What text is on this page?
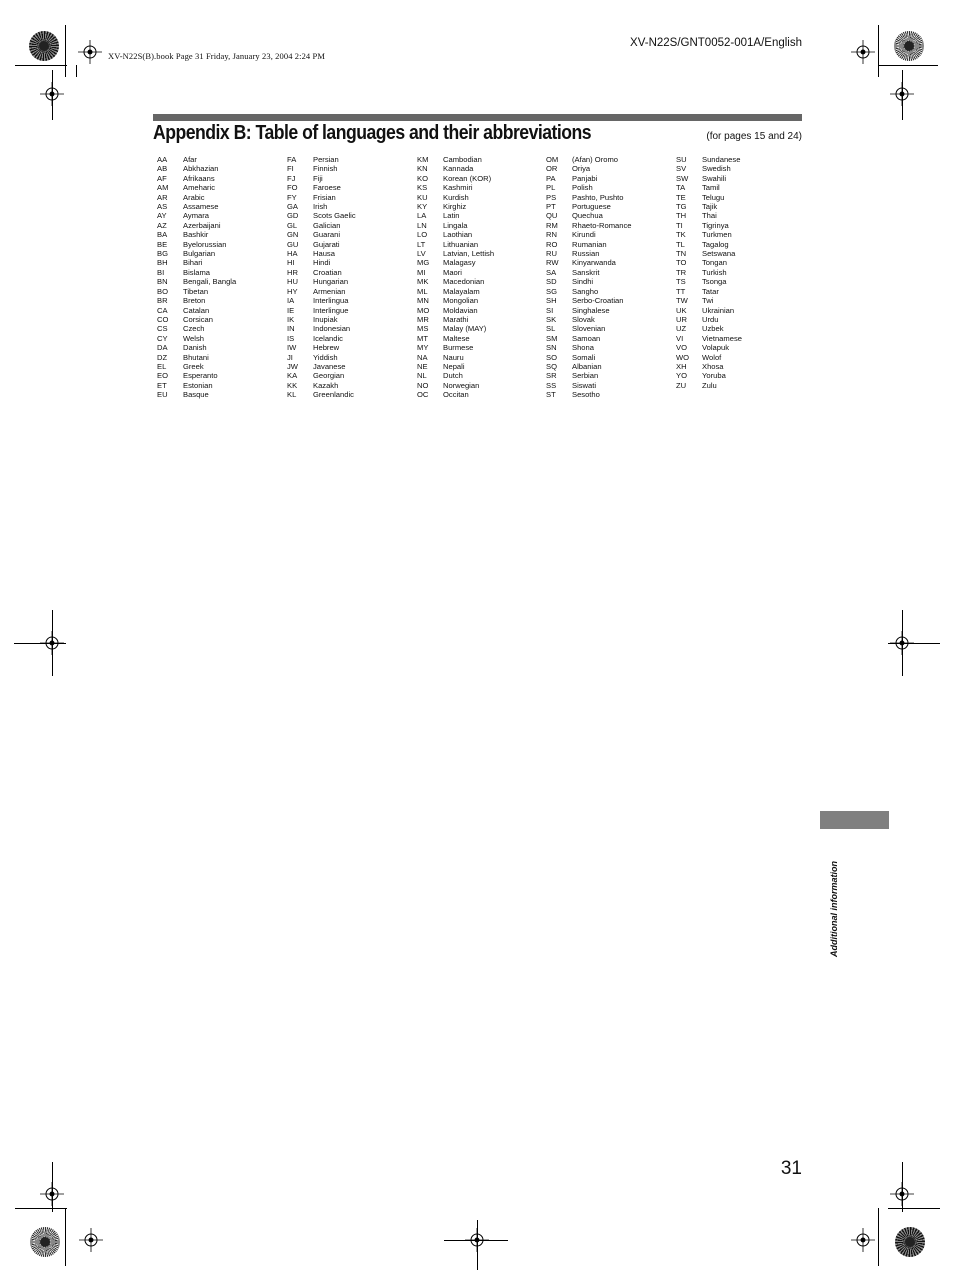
XV-N22S(B).book Page 31 Friday, January 23, 2004 2:24 PM
XV-N22S/GNT0052-001A/English
Appendix B: Table of languages and their abbreviations	(for pages 15 and 24)
AA Afar
AB Abkhazian
AF Afrikaans
AM Ameharic
AR Arabic
AS Assamese
AY Aymara
AZ Azerbaijani
BA Bashkir
BE Byelorussian
BG Bulgarian
BH Bihari
BI Bislama
BN Bengali, Bangla
BO Tibetan
BR Breton
CA Catalan
CO Corsican
CS Czech
CY Welsh
DA Danish
DZ Bhutani
EL Greek
EO Esperanto
ET Estonian
EU Basque
FA Persian
FI	Finnish
FJ Fiji
FO Faroese
FY Frisian
GA Irish
GD Scots Gaelic
GL Galician
GN Guarani
GU Gujarati
HA Hausa
HI Hindi
HR Croatian
HU Hungarian
HY Armenian
IA Interlingua
IE Interlingue
IK Inupiak
IN Indonesian
IS Icelandic
IW Hebrew
JI	Yiddish
JW Javanese
KA Georgian
KK Kazakh
KL Greenlandic
KM Cambodian
KN Kannada
KO Korean (KOR)
KS Kashmiri
KU Kurdish
KY Kirghiz
LA Latin
LN Lingala
LO Laothian
LT Lithuanian
LV Latvian, Lettish
MG Malagasy
MI Maori
MK Macedonian
ML Malayalam
MN Mongolian
MO Moldavian
MR Marathi
MS Malay (MAY)
MT Maltese
MY Burmese
NA Nauru
NE Nepali
NL Dutch
NO Norwegian
OC Occitan
OM (Afan) Oromo
OR Oriya
PA Panjabi
PL Polish
PS Pashto, Pushto
PT Portuguese
QU Quechua
RM Rhaeto-Romance
RN Kirundi
RO Rumanian
RU Russian
RW Kinyarwanda
SA Sanskrit
SD Sindhi
SG Sangho
SH Serbo-Croatian
SI Singhalese
SK Slovak
SL Slovenian
SM Samoan
SN Shona
SO Somali
SQ Albanian
SR Serbian
SS Siswati
ST Sesotho
SU Sundanese
SV Swedish
SW Swahili
TA Tamil
TE Telugu
TG Tajik
TH Thai
TI	Tigrinya
TK Turkmen
TL Tagalog
TN Setswana
TO Tongan
TR Turkish
TS Tsonga
TT Tatar
TW Twi
UK Ukrainian
UR Urdu
UZ Uzbek
VI Vietnamese
VO Volapuk
WO Wolof
XH Xhosa
YO Yoruba
ZU Zulu
Additional information
31
